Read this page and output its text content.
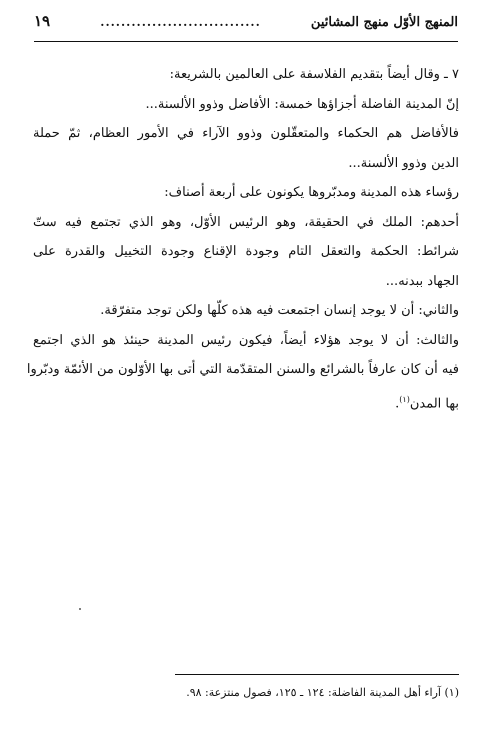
المنهج الأوّل منهج المشائين
...............................
١٩

٧ ـ وقال أيضاً بتقديم الفلاسفة على العالمين بالشريعة:

إنّ المدينة الفاضلة أجزاؤها خمسة: الأفاضل وذوو الألسنة...

فالأفاضل هم الحكماء والمتعقّلون وذوو الآراء في الأمور العظام، ثمّ حملة
الدين وذوو الألسنة...

رؤساء هذه المدينة ومدبّروها يكونون على أربعة أصناف:

أحدهم: الملك في الحقيقة، وهو الرئيس الأوّل، وهو الذي تجتمع فيه ستّ
شرائط: الحكمة والتعقل التام وجودة الإقناع وجودة التخييل والقدرة على
الجهاد ببدنه...

والثاني: أن لا يوجد إنسان اجتمعت فيه هذه كلّها ولكن توجد متفرّقة.

والثالث: أن لا يوجد هؤلاء أيضاً، فيكون رئيس المدينة حينئذ هو الذي اجتمع
فيه أن كان عارفاً بالشرائع والسنن المتقدّمة التي أتى بها الأوّلون من الأئمّة ودبّروا
بها المدن$^{(١)}$.

(١) آراء أهل المدينة الفاضلة: ١٢٤ ـ ١٢٥، فصول منتزعة: ٩٨.
